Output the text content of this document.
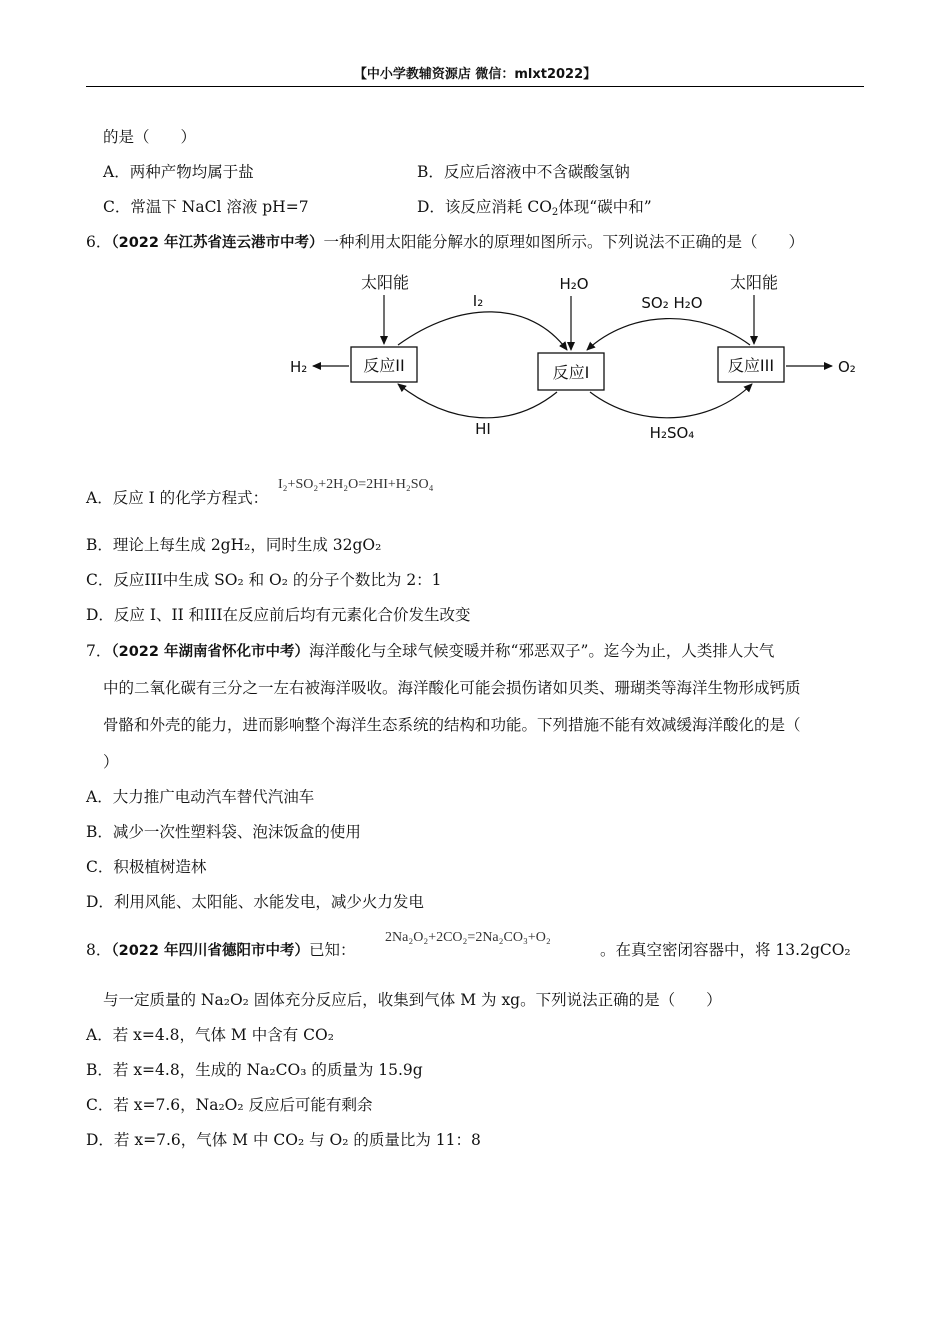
【中小学教辅资源店 微信：mlxt2022】
的是（　　）
A．两种产物均属于盐	B．反应后溶液中不含碳酸氢钠
C．常温下 NaCl 溶液 pH=7	D．该反应消耗 $CO_2$体现“碳中和”
6．（2022 年江苏省连云港市中考）一种利用太阳能分解水的原理如图所示。下列说法不正确的是（　　）
反应II	反应I	反应III
太阳能	太阳能
H₂O
H₂	O₂
I₂
HI
SO₂ H₂O
H₂SO₄
A．反应 I 的化学方程式：
I₂+SO₂+2H₂O=2HI+H₂SO₄
B．理论上每生成 2gH₂，同时生成 32gO₂
C．反应III中生成 SO₂ 和 O₂ 的分子个数比为 2：1
D．反应 I、II 和III在反应前后均有元素化合价发生改变
7．（2022 年湖南省怀化市中考）海洋酸化与全球气候变暖并称“邪恶双子”。迄今为止，人类排人大气
中的二氧化碳有三分之一左右被海洋吸收。海洋酸化可能会损伤诸如贝类、珊瑚类等海洋生物形成钙质
骨骼和外壳的能力，进而影响整个海洋生态系统的结构和功能。下列措施不能有效减缓海洋酸化的是（
）
A．大力推广电动汽车替代汽油车
B．减少一次性塑料袋、泡沫饭盒的使用
C．积极植树造林
D．利用风能、太阳能、水能发电，减少火力发电
8．（2022 年四川省德阳市中考）已知：
2Na₂O₂+2CO₂=2Na₂CO₃+O₂
。在真空密闭容器中，将 13.2gCO₂
与一定质量的 Na₂O₂ 固体充分反应后，收集到气体 M 为 xg。下列说法正确的是（　　）
A．若 x=4.8，气体 M 中含有 CO₂
B．若 x=4.8，生成的 Na₂CO₃ 的质量为 15.9g
C．若 x=7.6，Na₂O₂ 反应后可能有剩余
D．若 x=7.6，气体 M 中 CO₂ 与 O₂ 的质量比为 11：8
